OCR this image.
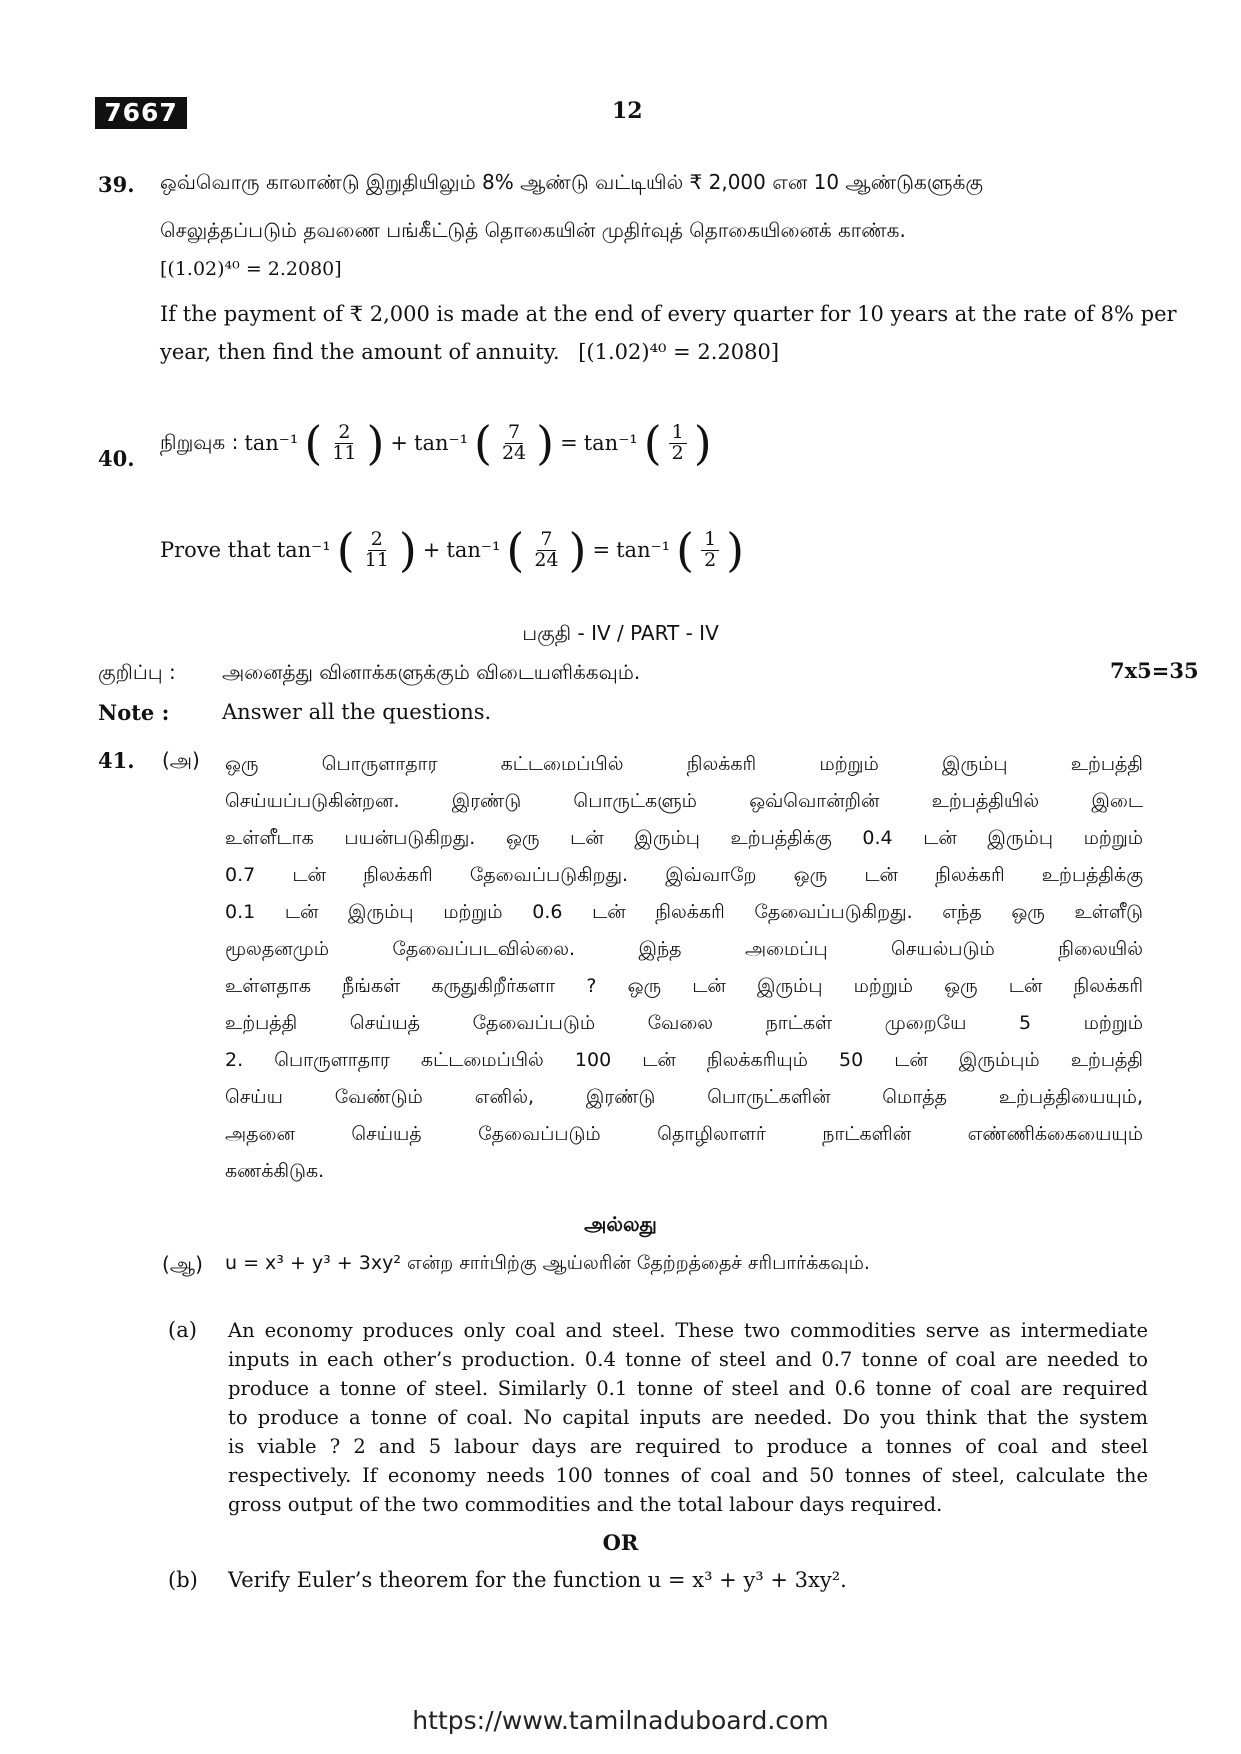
7667	12
39. ஒவ்வொரு காலாண்டு இறுதியிலும் 8% ஆண்டு வட்டியில் ₹ 2,000 என 10 ஆண்டுகளுக்கு
செலுத்தப்படும் தவணை பங்கீட்டுத் தொகையின் முதிர்வுத் தொகையினைக் காண்க.
[(1.02)⁴⁰ = 2.2080]
If the payment of ₹ 2,000 is made at the end of every quarter for 10 years at the rate of 8% per
year, then find the amount of annuity. [(1.02)⁴⁰ = 2.2080]
40.
நிறுவுக : tan⁻¹ ( $\frac{2}{11}$ ) + tan⁻¹ ( $\frac{7}{24}$ ) = tan⁻¹ ( $\frac{1}{2}$ )
Prove that tan⁻¹ ( $\frac{2}{11}$ ) + tan⁻¹ ( $\frac{7}{24}$ ) = tan⁻¹ ( $\frac{1}{2}$ )
பகுதி - IV / PART - IV
குறிப்பு : அனைத்து வினாக்களுக்கும் விடையளிக்கவும்.	7x5=35
Note :	Answer all the questions.
41. (அ) ஒரு பொருளாதார கட்டமைப்பில் நிலக்கரி மற்றும் இரும்பு உற்பத்தி
செய்யப்படுகின்றன. இரண்டு பொருட்களும் ஒவ்வொன்றின் உற்பத்தியில் இடை
உள்ளீடாக பயன்படுகிறது. ஒரு டன் இரும்பு உற்பத்திக்கு 0.4 டன் இரும்பு மற்றும்
0.7 டன் நிலக்கரி தேவைப்படுகிறது. இவ்வாறே ஒரு டன் நிலக்கரி உற்பத்திக்கு
0.1 டன் இரும்பு மற்றும் 0.6 டன் நிலக்கரி தேவைப்படுகிறது. எந்த ஒரு உள்ளீடு
மூலதனமும் தேவைப்படவில்லை. இந்த அமைப்பு செயல்படும் நிலையில்
உள்ளதாக நீங்கள் கருதுகிறீர்களா ? ஒரு டன் இரும்பு மற்றும் ஒரு டன் நிலக்கரி
உற்பத்தி செய்யத் தேவைப்படும் வேலை நாட்கள் முறையே 5 மற்றும்
2. பொருளாதார கட்டமைப்பில் 100 டன் நிலக்கரியும் 50 டன் இரும்பும் உற்பத்தி
செய்ய வேண்டும் எனில், இரண்டு பொருட்களின் மொத்த உற்பத்தியையும்,
அதனை செய்யத் தேவைப்படும் தொழிலாளர் நாட்களின் எண்ணிக்கையையும்
கணக்கிடுக.
அல்லது
(ஆ) u = x³ + y³ + 3xy² என்ற சார்பிற்கு ஆய்லரின் தேற்றத்தைச் சரிபார்க்கவும்.
(a) An economy produces only coal and steel. These two commodities serve as intermediate
inputs in each other’s production. 0.4 tonne of steel and 0.7 tonne of coal are needed to
produce a tonne of steel. Similarly 0.1 tonne of steel and 0.6 tonne of coal are required
to produce a tonne of coal. No capital inputs are needed. Do you think that the system
is viable ? 2 and 5 labour days are required to produce a tonnes of coal and steel
respectively. If economy needs 100 tonnes of coal and 50 tonnes of steel, calculate the
gross output of the two commodities and the total labour days required.
OR
(b) Verify Euler’s theorem for the function u = x³ + y³ + 3xy².
https://www.tamilnaduboard.com
